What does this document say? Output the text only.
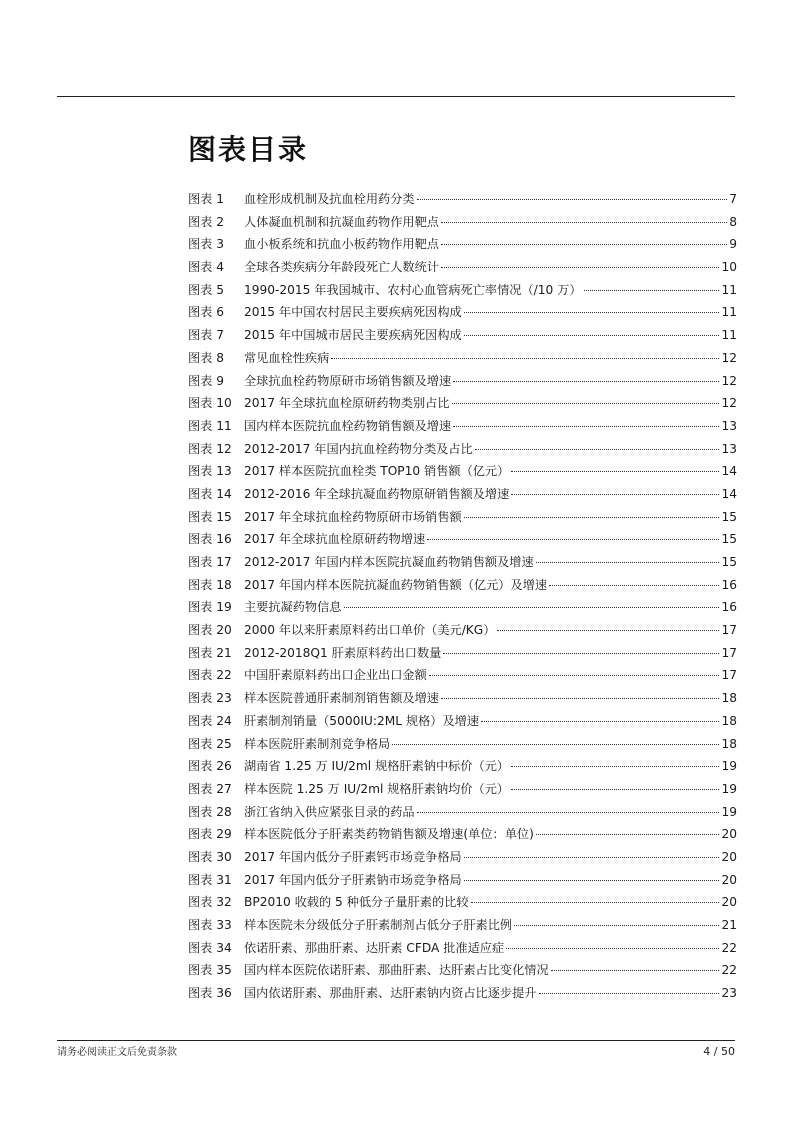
图表目录
图表 1	血栓形成机制及抗血栓用药分类	7
图表 2	人体凝血机制和抗凝血药物作用靶点	8
图表 3	血小板系统和抗血小板药物作用靶点	9
图表 4	全球各类疾病分年龄段死亡人数统计	10
图表 5	1990-2015 年我国城市、农村心血管病死亡率情况（/10 万）	11
图表 6	2015 年中国农村居民主要疾病死因构成	11
图表 7	2015 年中国城市居民主要疾病死因构成	11
图表 8	常见血栓性疾病	12
图表 9	全球抗血栓药物原研市场销售额及增速	12
图表 10	2017 年全球抗血栓原研药物类别占比	12
图表 11	国内样本医院抗血栓药物销售额及增速	13
图表 12	2012-2017 年国内抗血栓药物分类及占比	13
图表 13	2017 样本医院抗血栓类 TOP10 销售额（亿元）	14
图表 14	2012-2016 年全球抗凝血药物原研销售额及增速	14
图表 15	2017 年全球抗血栓药物原研市场销售额	15
图表 16	2017 年全球抗血栓原研药物增速	15
图表 17	2012-2017 年国内样本医院抗凝血药物销售额及增速	15
图表 18	2017 年国内样本医院抗凝血药物销售额（亿元）及增速	16
图表 19	主要抗凝药物信息	16
图表 20	2000 年以来肝素原料药出口单价（美元/KG）	17
图表 21	2012-2018Q1 肝素原料药出口数量	17
图表 22	中国肝素原料药出口企业出口金额	17
图表 23	样本医院普通肝素制剂销售额及增速	18
图表 24	肝素制剂销量（5000IU:2ML 规格）及增速	18
图表 25	样本医院肝素制剂竞争格局	18
图表 26	湖南省 1.25 万 IU/2ml 规格肝素钠中标价（元）	19
图表 27	样本医院 1.25 万 IU/2ml 规格肝素钠均价（元）	19
图表 28	浙江省纳入供应紧张目录的药品	19
图表 29	样本医院低分子肝素类药物销售额及增速(单位：单位)	20
图表 30	2017 年国内低分子肝素钙市场竞争格局	20
图表 31	2017 年国内低分子肝素钠市场竞争格局	20
图表 32	BP2010 收载的 5 种低分子量肝素的比较	20
图表 33	样本医院未分级低分子肝素制剂占低分子肝素比例	21
图表 34	依诺肝素、那曲肝素、达肝素 CFDA 批准适应症	22
图表 35	国内样本医院依诺肝素、那曲肝素、达肝素占比变化情况	22
图表 36	国内依诺肝素、那曲肝素、达肝素钠内资占比逐步提升	23
请务必阅读正文后免责条款	4 / 50
